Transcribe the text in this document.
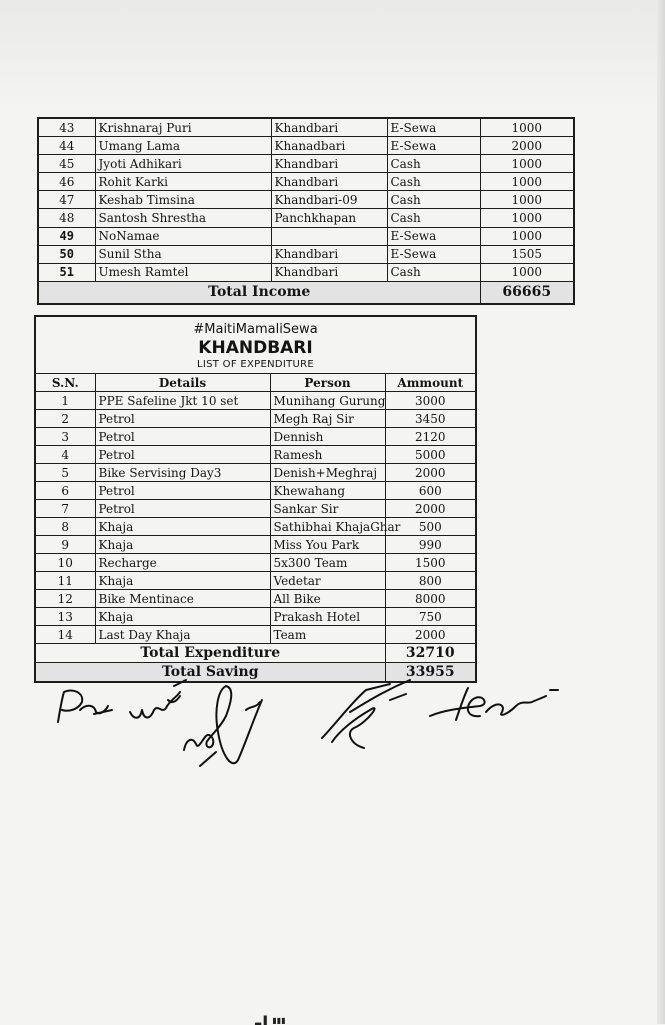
43	Krishnaraj Puri	Khandbari	E-Sewa	1000
44	Umang Lama	Khanadbari	E-Sewa	2000
45	Jyoti Adhikari	Khandbari	Cash	1000
46	Rohit Karki	Khandbari	Cash	1000
47	Keshab Timsina	Khandbari-09	Cash	1000
48	Santosh Shrestha	Panchkhapan	Cash	1000
49	NoNamae		E-Sewa	1000
50	Sunil Stha	Khandbari	E-Sewa	1505
51	Umesh Ramtel	Khandbari	Cash	1000
Total Income				66665
#MaitiMamaliSewa
KHANDBARI
LIST OF EXPENDITURE			

S.N.	Details	Person	Ammount
1	PPE Safeline Jkt 10 set	Munihang Gurung	3000
2	Petrol	Megh Raj Sir	3450
3	Petrol	Dennish	2120
4	Petrol	Ramesh	5000
5	Bike Servising Day3	Denish+Meghraj	2000
6	Petrol	Khewahang	600
7	Petrol	Sankar Sir	2000
8	Khaja	Sathibhai KhajaGhar	500
9	Khaja	Miss You Park	990
10	Recharge	5x300 Team	1500
11	Khaja	Vedetar	800
12	Bike Mentinace	All Bike	8000
13	Khaja	Prakash Hotel	750
14	Last Day Khaja	Team	2000
Total Expenditure			32710
Total Saving			33955
▂ ▌ ▮▮▮
